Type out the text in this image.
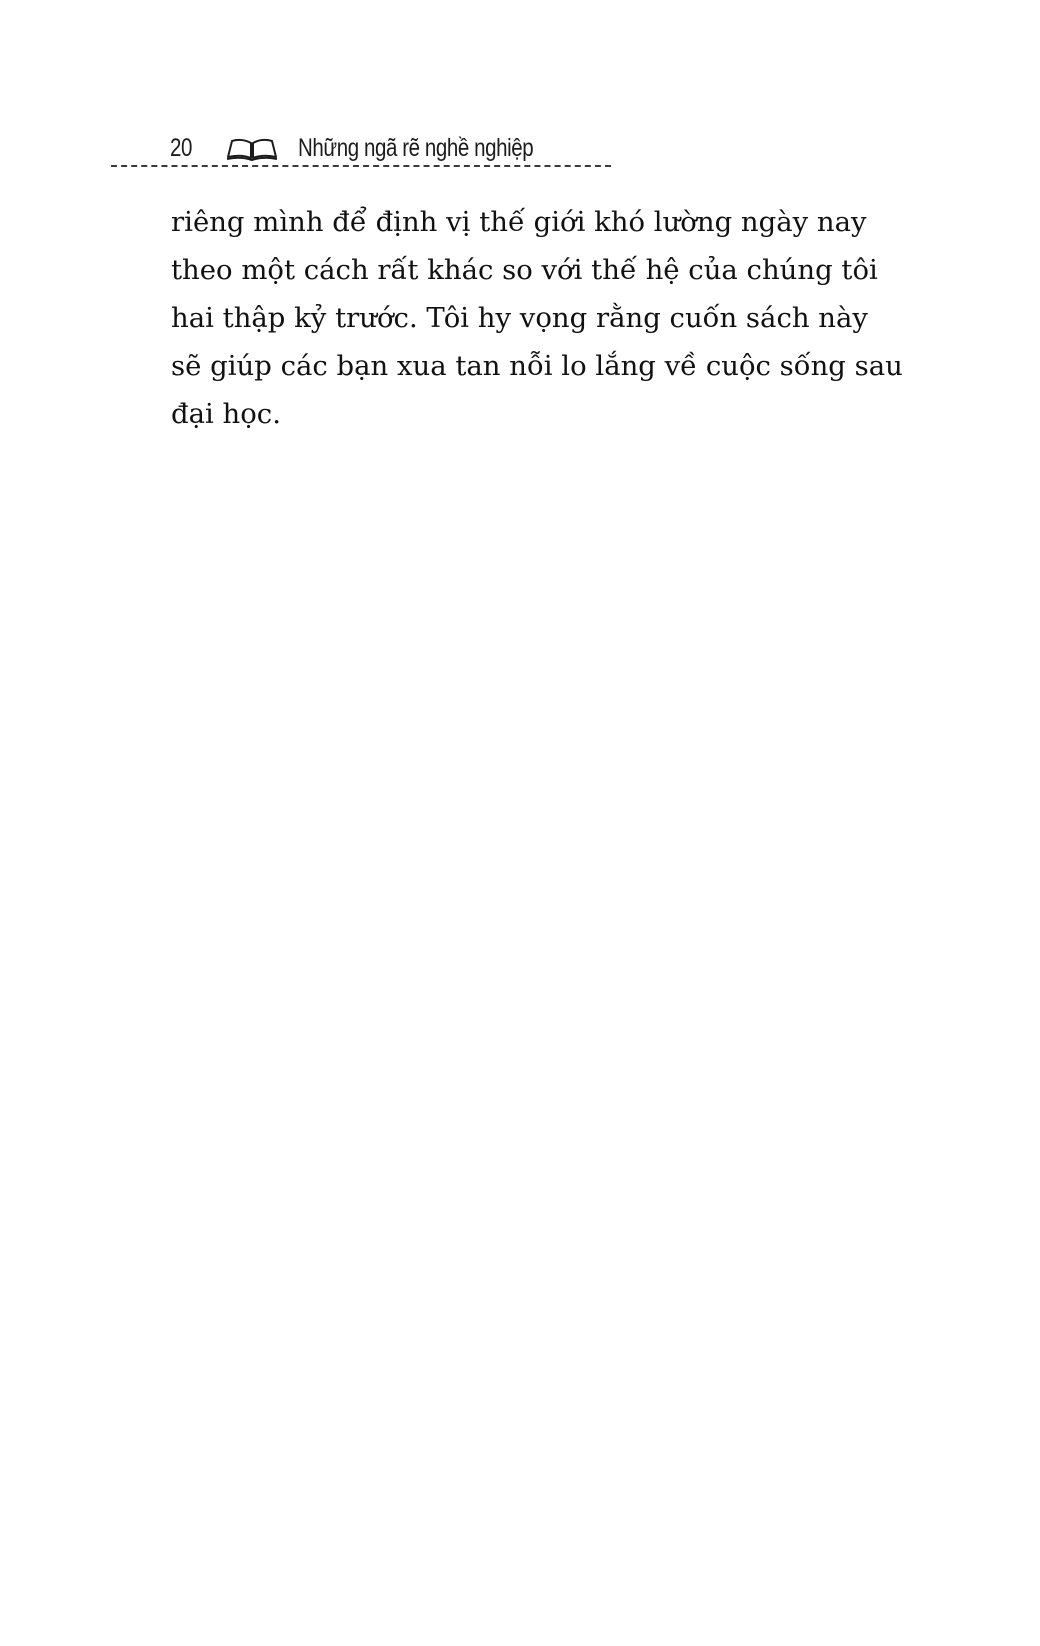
20	Những ngã rẽ nghề nghiệp

riêng mình để định vị thế giới khó lường ngày nay
theo một cách rất khác so với thế hệ của chúng tôi
hai thập kỷ trước. Tôi hy vọng rằng cuốn sách này
sẽ giúp các bạn xua tan nỗi lo lắng về cuộc sống sau
đại học.
